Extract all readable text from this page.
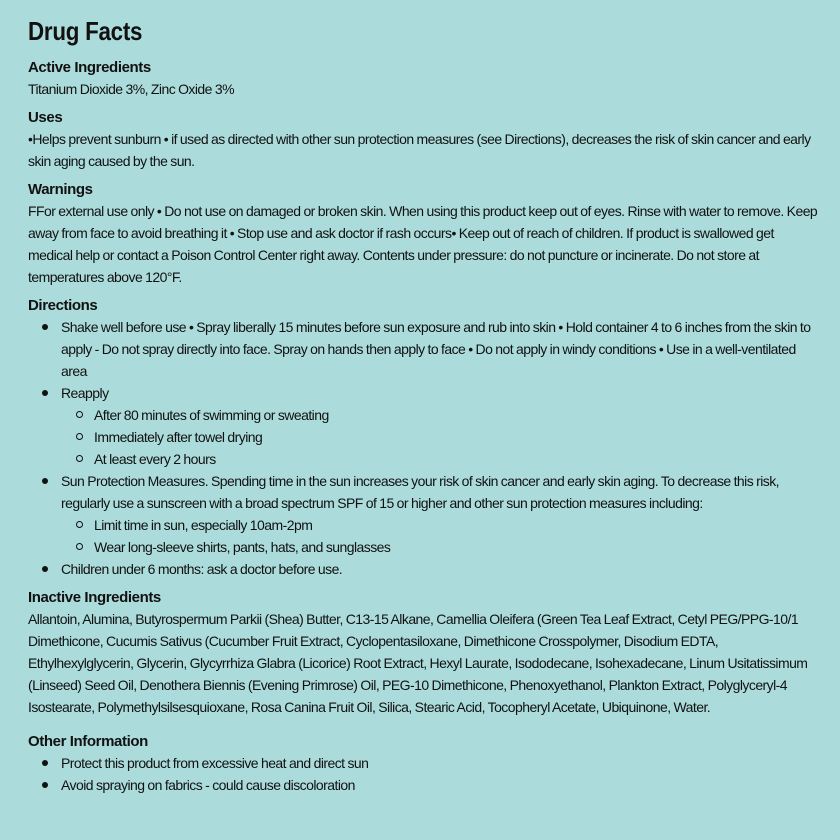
Drug Facts

Active Ingredients

Titanium Dioxide 3%, Zinc Oxide 3%

Uses

•Helps prevent sunburn • if used as directed with other sun protection measures (see Directions), decreases the risk of skin cancer and early skin aging caused by the sun.

Warnings

FFor external use only • Do not use on damaged or broken skin. When using this product keep out of eyes. Rinse with water to remove. Keep away from face to avoid breathing it • Stop use and ask doctor if rash occurs• Keep out of reach of children. If product is swallowed get medical help or contact a Poison Control Center right away. Contents under pressure: do not puncture or incinerate. Do not store at temperatures above 120°F.

Directions

Shake well before use • Spray liberally 15 minutes before sun exposure and rub into skin • Hold container 4 to 6 inches from the skin to apply - Do not spray directly into face. Spray on hands then apply to face • Do not apply in windy conditions • Use in a well-ventilated area
Reapply
After 80 minutes of swimming or sweating
Immediately after towel drying
At least every 2 hours
Sun Protection Measures. Spending time in the sun increases your risk of skin cancer and early skin aging. To decrease this risk, regularly use a sunscreen with a broad spectrum SPF of 15 or higher and other sun protection measures including:
Limit time in sun, especially 10am-2pm
Wear long-sleeve shirts, pants, hats, and sunglasses
Children under 6 months: ask a doctor before use.

Inactive Ingredients

Allantoin, Alumina, Butyrospermum Parkii (Shea) Butter, C13-15 Alkane, Camellia Oleifera (Green Tea Leaf Extract, Cetyl PEG/PPG-10/1 Dimethicone, Cucumis Sativus (Cucumber Fruit Extract, Cyclopentasiloxane, Dimethicone Crosspolymer, Disodium EDTA, Ethylhexylglycerin, Glycerin, Glycyrrhiza Glabra (Licorice) Root Extract, Hexyl Laurate, Isododecane, Isohexadecane, Linum Usitatissimum (Linseed) Seed Oil, Denothera Biennis (Evening Primrose) Oil, PEG-10 Dimethicone, Phenoxyethanol, Plankton Extract, Polyglyceryl-4 Isostearate, Polymethylsilsesquioxane, Rosa Canina Fruit Oil, Silica, Stearic Acid, Tocopheryl Acetate, Ubiquinone, Water.

Other Information

Protect this product from excessive heat and direct sun
Avoid spraying on fabrics - could cause discoloration
